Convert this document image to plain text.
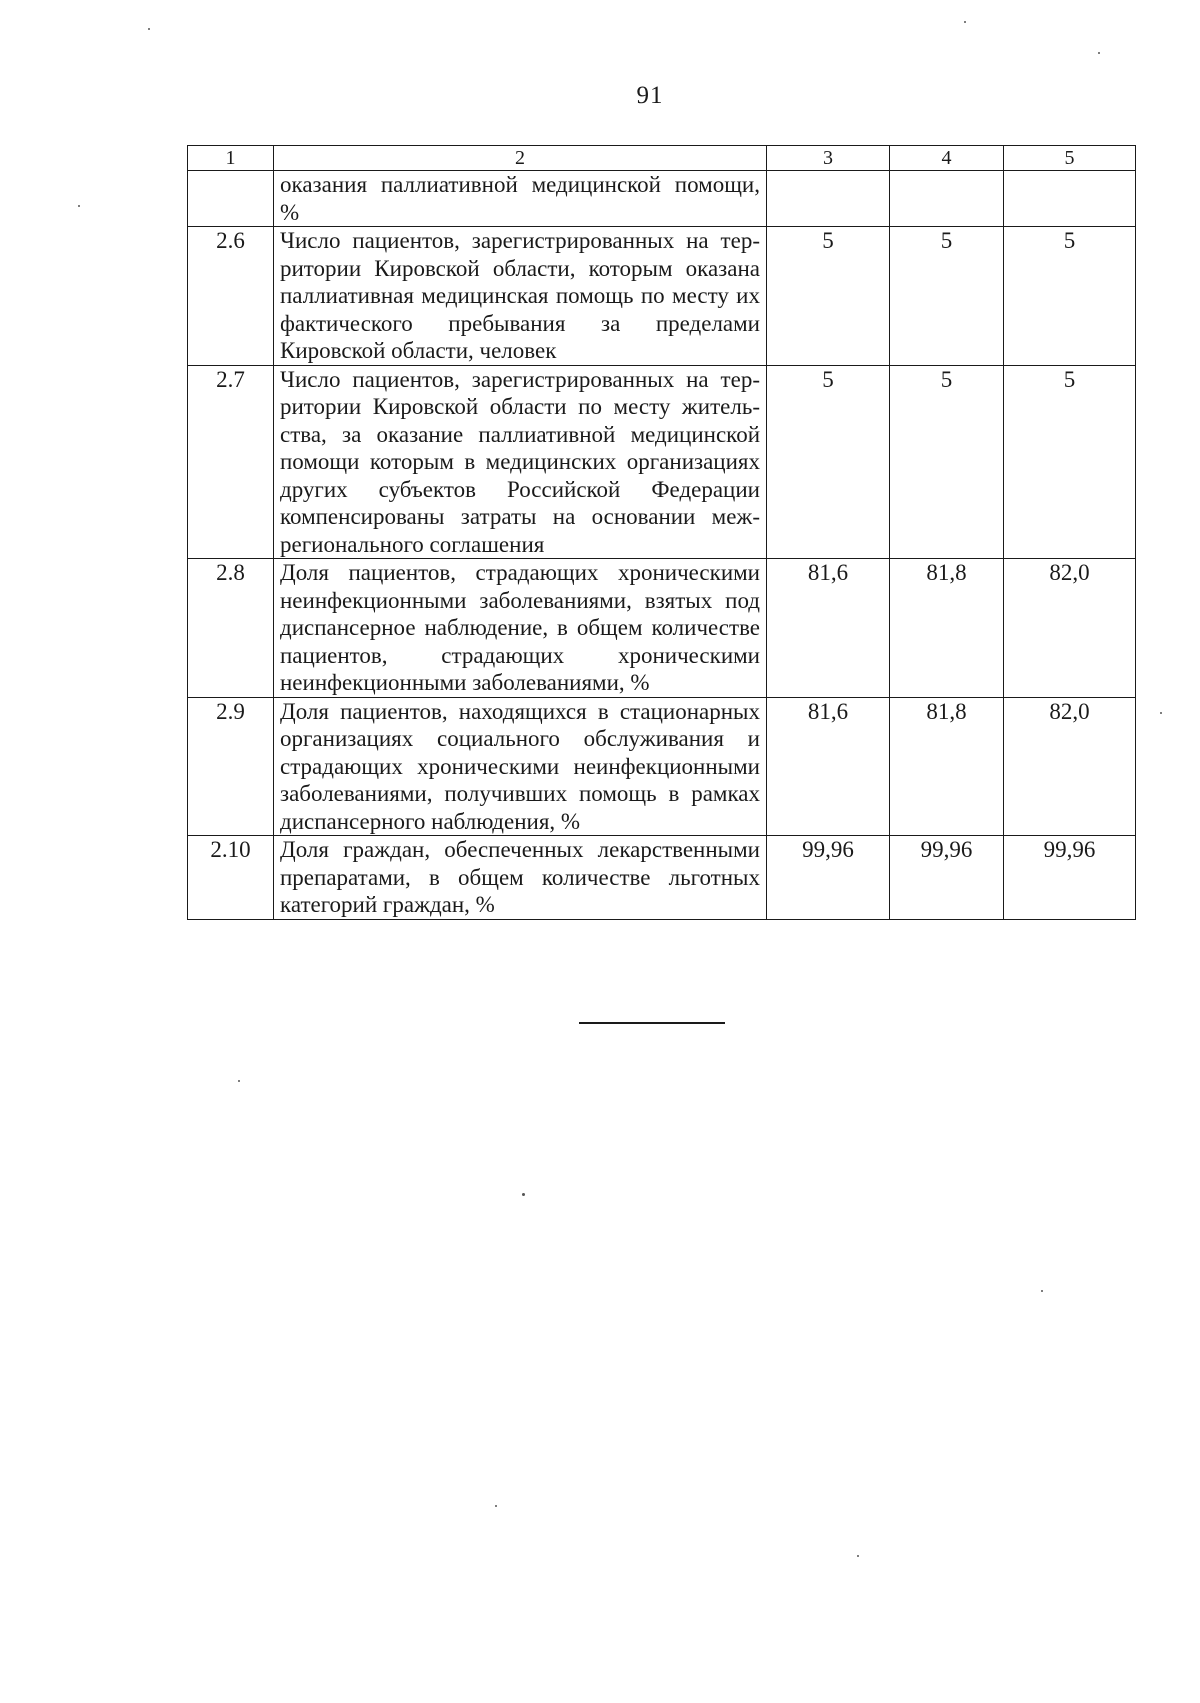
91
1	2	3	4	5
	оказания паллиативной медицинской помощи, %			
2.6	Число пациентов, зарегистрированных на территории Кировской области, которым оказана паллиативная медицинская помощь по месту их фактического пребывания за пределами Кировской области, человек	5	5	5
2.7	Число пациентов, зарегистрированных на территории Кировской области по месту жительства, за оказание паллиативной медицинской помощи которым в медицинских организациях других субъектов Российской Федерации компенсированы затраты на основании межрегионального соглашения	5	5	5
2.8	Доля пациентов, страдающих хроническими неинфекционными заболеваниями, взятых под диспансерное наблюдение, в общем количестве пациентов, страдающих хроническими неинфекционными заболеваниями, %	81,6	81,8	82,0
2.9	Доля пациентов, находящихся в стационарных организациях социального обслуживания и страдающих хроническими неинфекционными заболеваниями, получивших помощь в рамках диспансерного наблюдения, %	81,6	81,8	82,0
2.10	Доля граждан, обеспеченных лекарственными препаратами, в общем количестве льготных категорий граждан, %	99,96	99,96	99,96
